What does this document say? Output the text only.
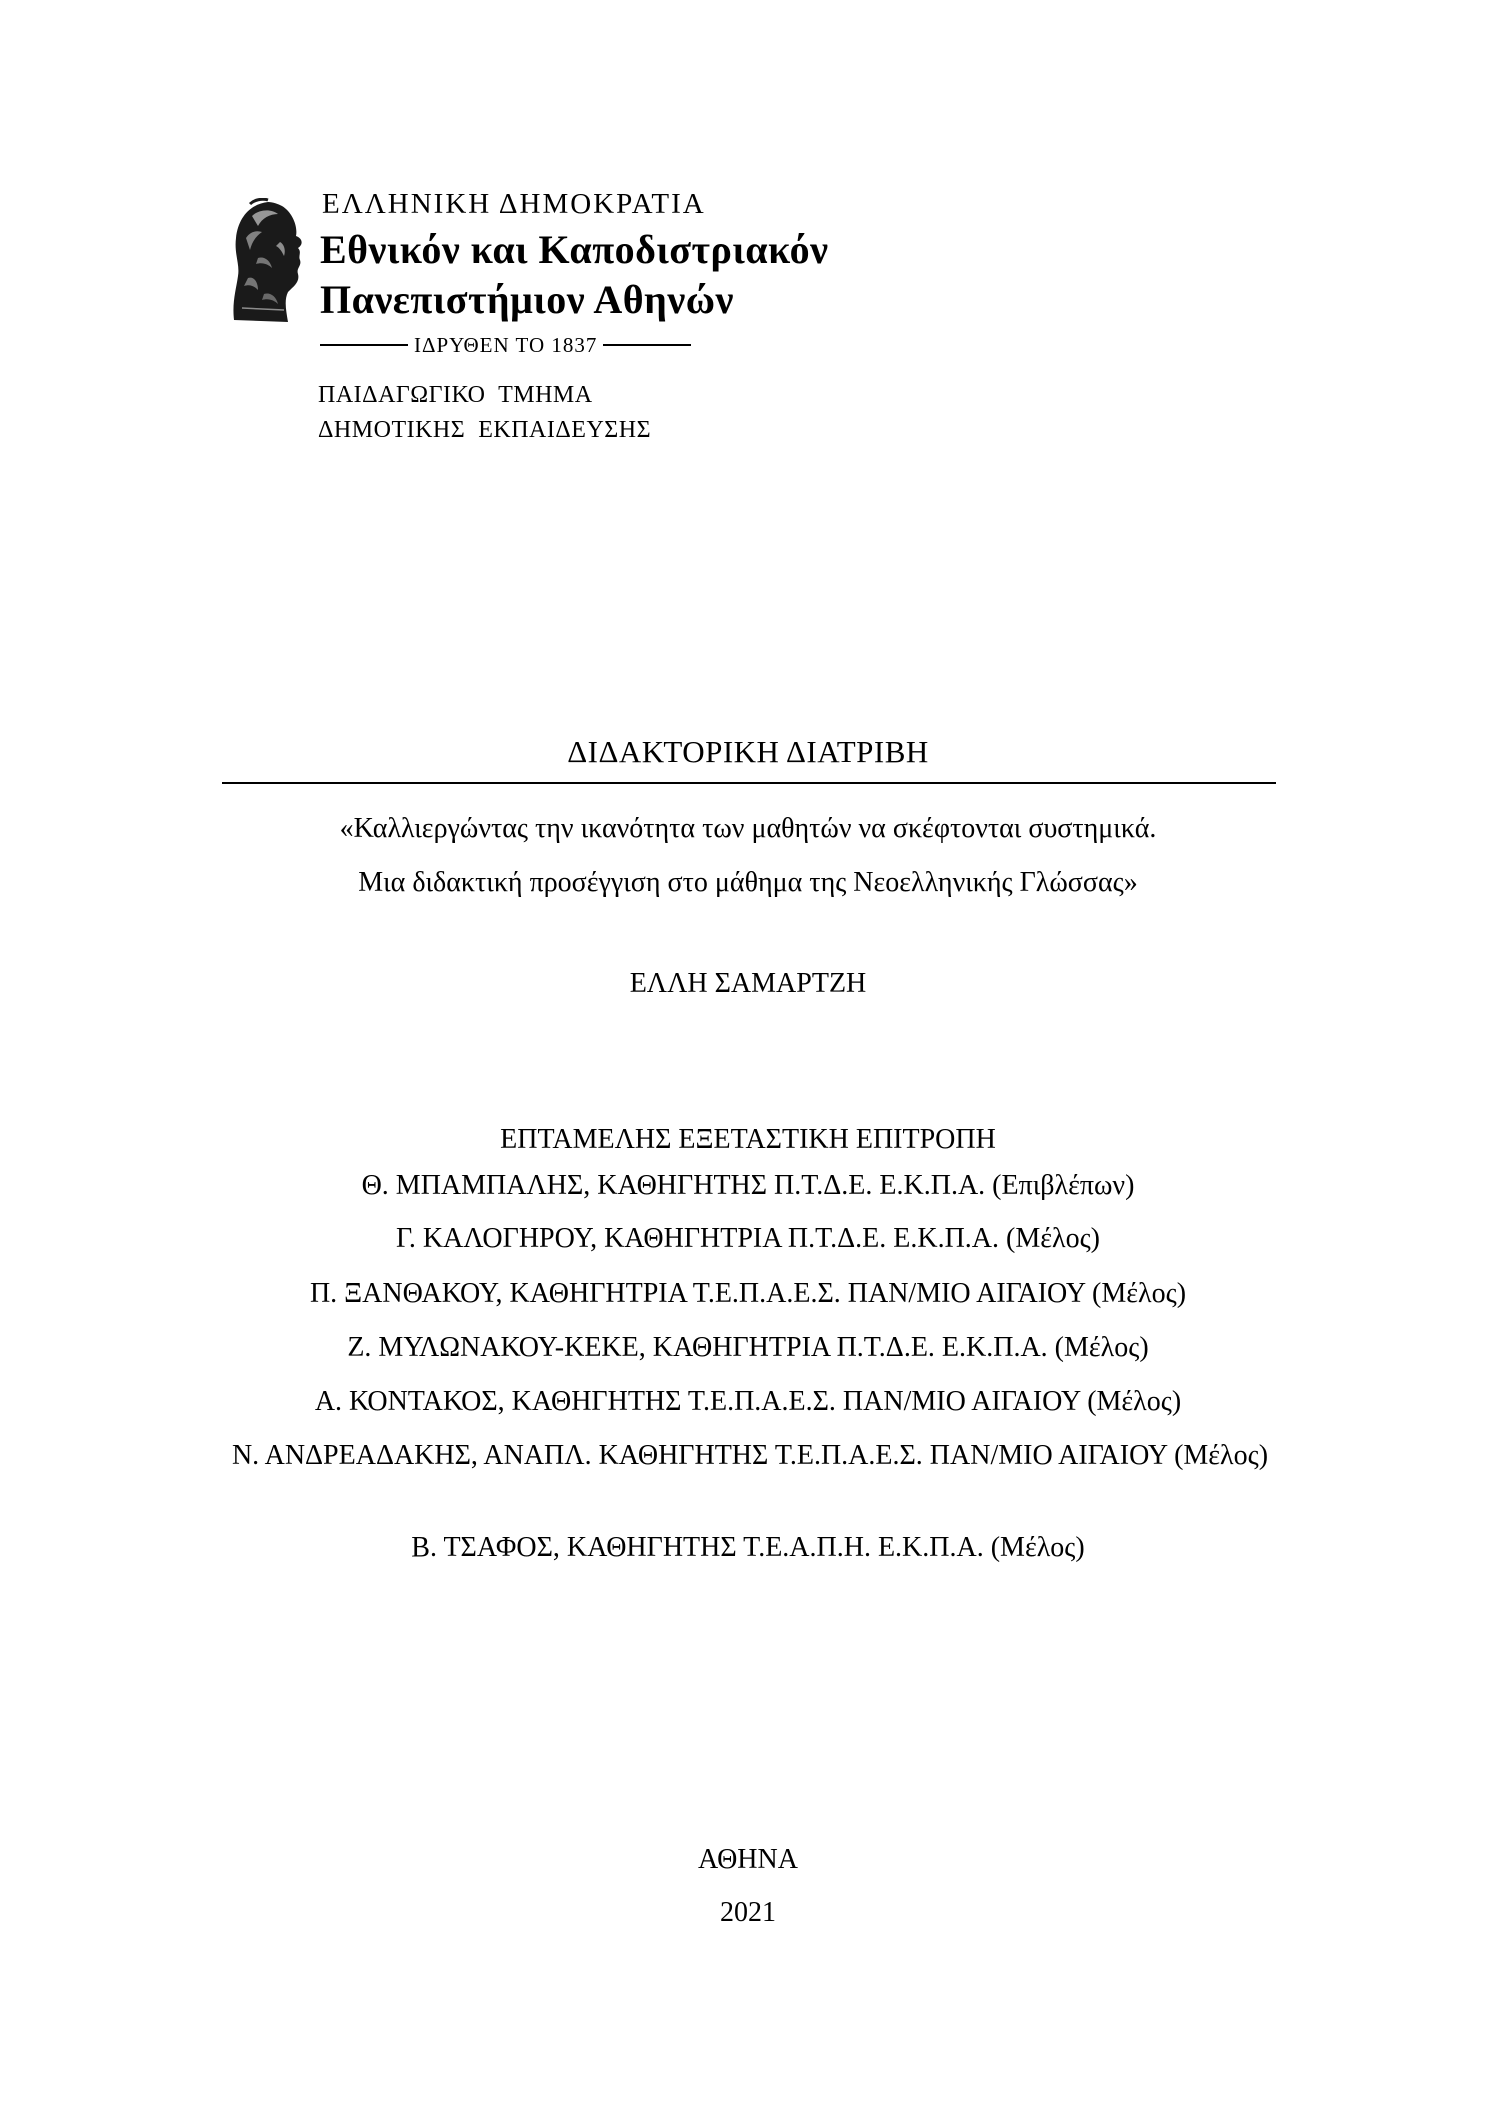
ΕΛΛΗΝΙΚΗ ΔΗΜΟΚΡΑΤΙΑ
Εθνικόν και Καποδιστριακόν
Πανεπιστήμιον Αθηνών
ΙΔΡΥΘΕΝ ΤΟ 1837
ΠΑΙΔΑΓΩΓΙΚΟ  ΤΜΗΜΑ
ΔΗΜΟΤΙΚΗΣ  ΕΚΠΑΙΔΕΥΣΗΣ
ΔΙΔΑΚΤΟΡΙΚΗ ΔΙΑΤΡΙΒΗ
«Καλλιεργώντας την ικανότητα των μαθητών να σκέφτονται συστημικά.
Μια διδακτική προσέγγιση στο μάθημα της Νεοελληνικής Γλώσσας»
ΕΛΛΗ ΣΑΜΑΡΤΖΗ
ΕΠΤΑΜΕΛΗΣ ΕΞΕΤΑΣΤΙΚΗ ΕΠΙΤΡΟΠΗ
Θ. ΜΠΑΜΠΑΛΗΣ, ΚΑΘΗΓΗΤΗΣ Π.Τ.Δ.Ε. Ε.Κ.Π.Α. (Επιβλέπων)
Γ. ΚΑΛΟΓΗΡΟΥ, ΚΑΘΗΓΗΤΡΙΑ Π.Τ.Δ.Ε. Ε.Κ.Π.Α. (Μέλος)
Π. ΞΑΝΘΑΚΟΥ, ΚΑΘΗΓΗΤΡΙΑ Τ.Ε.Π.Α.Ε.Σ. ΠΑΝ/ΜΙΟ ΑΙΓΑΙΟΥ (Μέλος)
Ζ. ΜΥΛΩΝΑΚΟΥ-ΚΕΚΕ, ΚΑΘΗΓΗΤΡΙΑ Π.Τ.Δ.Ε. Ε.Κ.Π.Α. (Μέλος)
Α. ΚΟΝΤΑΚΟΣ, ΚΑΘΗΓΗΤΗΣ Τ.Ε.Π.Α.Ε.Σ. ΠΑΝ/ΜΙΟ ΑΙΓΑΙΟΥ (Μέλος)
Ν. ΑΝΔΡΕΑΔΑΚΗΣ, ΑΝΑΠΛ. ΚΑΘΗΓΗΤΗΣ Τ.Ε.Π.Α.Ε.Σ. ΠΑΝ/ΜΙΟ ΑΙΓΑΙΟΥ (Μέλος)
Β. ΤΣΑΦΟΣ, ΚΑΘΗΓΗΤΗΣ Τ.Ε.Α.Π.Η. Ε.Κ.Π.Α. (Μέλος)
ΑΘΗΝΑ
2021
